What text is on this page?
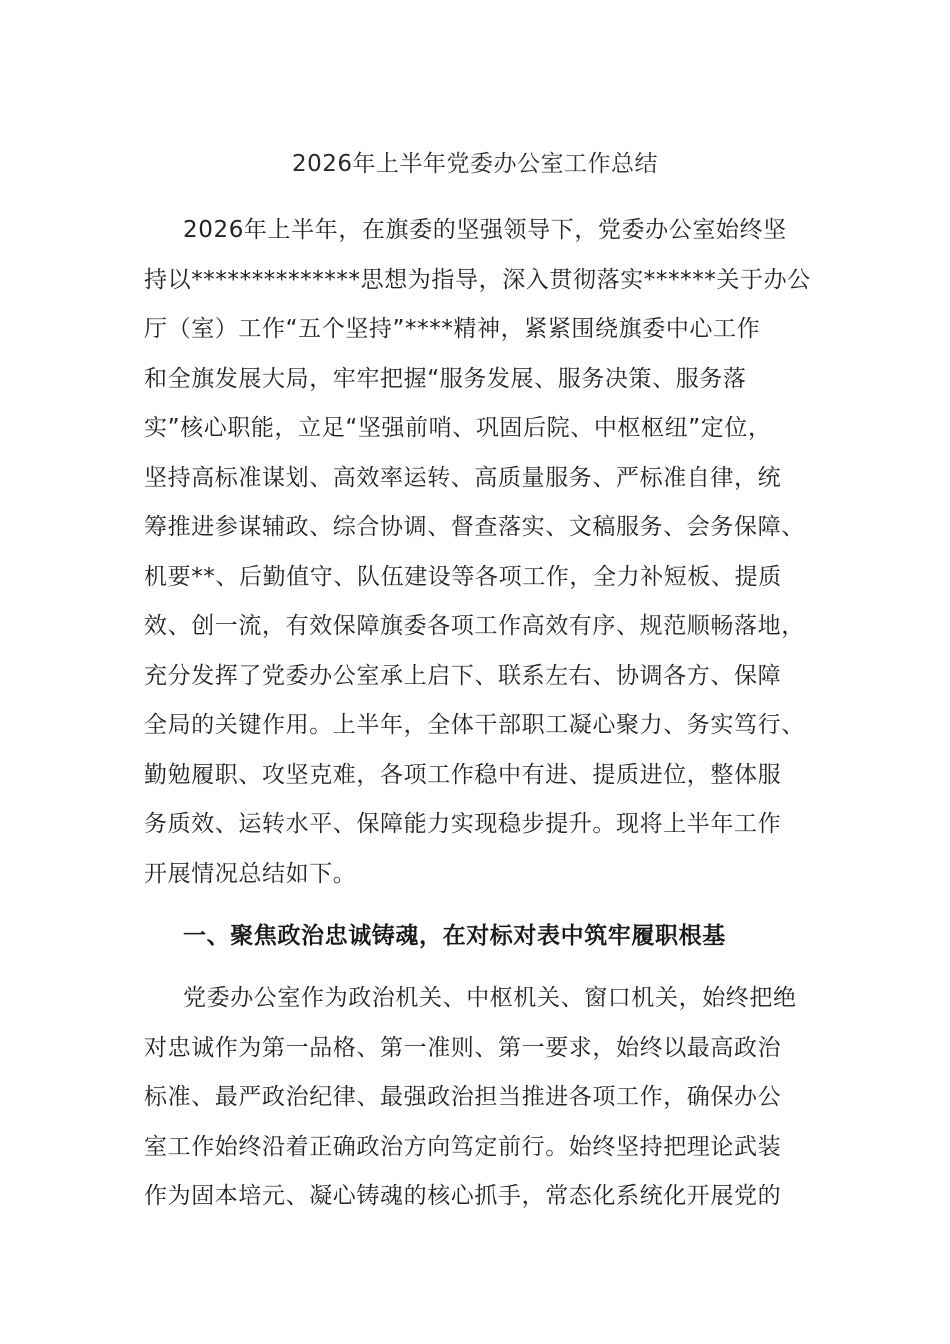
2026年上半年党委办公室工作总结
2026年上半年，在旗委的坚强领导下，党委办公室始终坚
持以**************思想为指导，深入贯彻落实******关于办公
厅（室）工作“五个坚持”****精神，紧紧围绕旗委中心工作
和全旗发展大局，牢牢把握“服务发展、服务决策、服务落
实”核心职能，立足“坚强前哨、巩固后院、中枢枢纽”定位，
坚持高标准谋划、高效率运转、高质量服务、严标准自律，统
筹推进参谋辅政、综合协调、督查落实、文稿服务、会务保障、
机要**、后勤值守、队伍建设等各项工作，全力补短板、提质
效、创一流，有效保障旗委各项工作高效有序、规范顺畅落地，
充分发挥了党委办公室承上启下、联系左右、协调各方、保障
全局的关键作用。上半年，全体干部职工凝心聚力、务实笃行、
勤勉履职、攻坚克难，各项工作稳中有进、提质进位，整体服
务质效、运转水平、保障能力实现稳步提升。现将上半年工作
开展情况总结如下。
一、聚焦政治忠诚铸魂，在对标对表中筑牢履职根基
党委办公室作为政治机关、中枢机关、窗口机关，始终把绝
对忠诚作为第一品格、第一准则、第一要求，始终以最高政治
标准、最严政治纪律、最强政治担当推进各项工作，确保办公
室工作始终沿着正确政治方向笃定前行。始终坚持把理论武装
作为固本培元、凝心铸魂的核心抓手，常态化系统化开展党的
